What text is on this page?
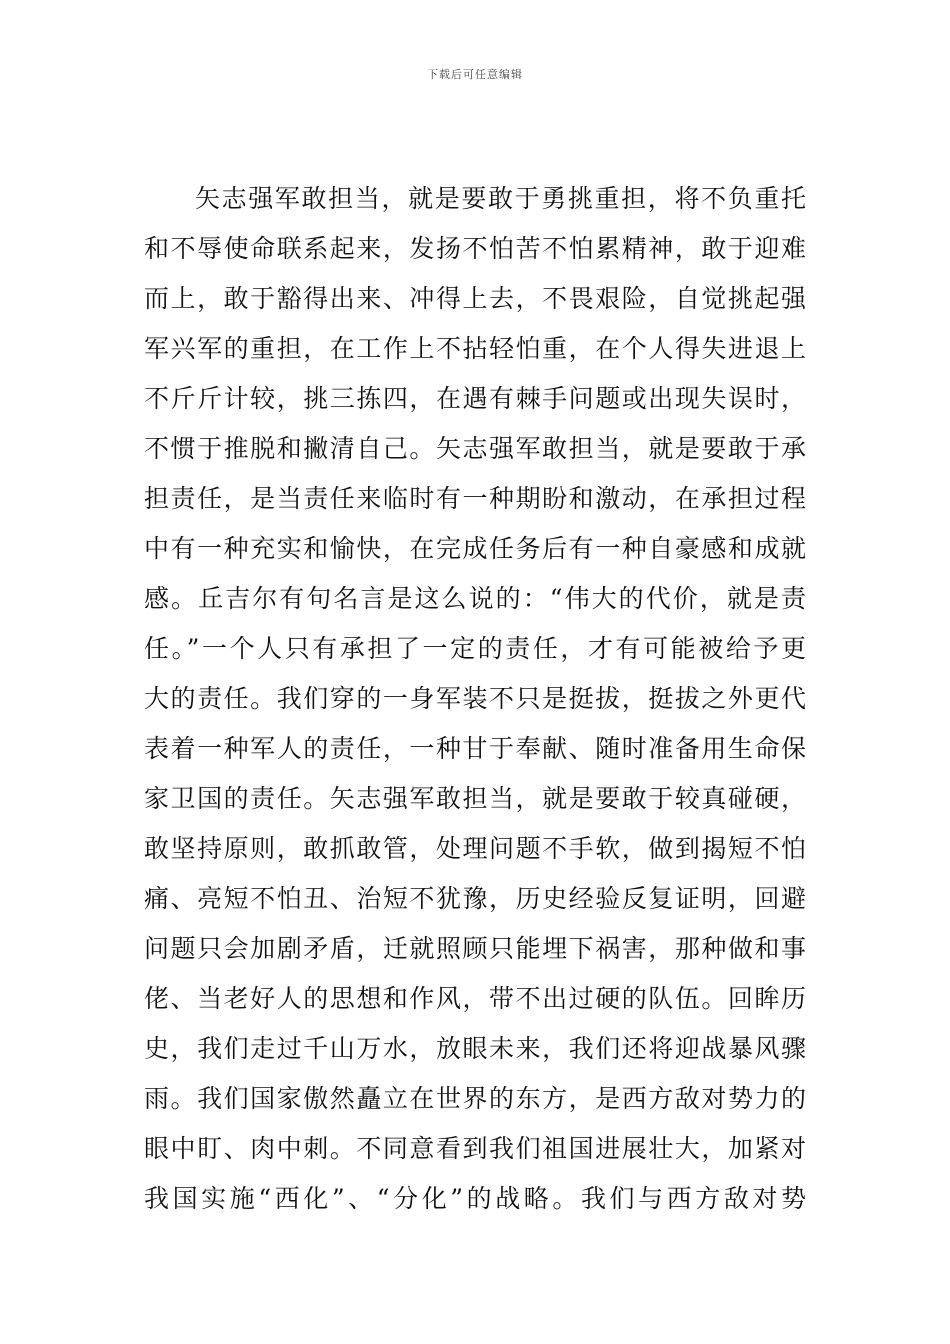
下载后可任意编辑
矢志强军敢担当，就是要敢于勇挑重担，将不负重托
和不辱使命联系起来，发扬不怕苦不怕累精神，敢于迎难
而上，敢于豁得出来、冲得上去，不畏艰险，自觉挑起强
军兴军的重担，在工作上不拈轻怕重，在个人得失进退上
不斤斤计较，挑三拣四，在遇有棘手问题或出现失误时，
不惯于推脱和撇清自己。矢志强军敢担当，就是要敢于承
担责任，是当责任来临时有一种期盼和激动，在承担过程
中有一种充实和愉快，在完成任务后有一种自豪感和成就
感。丘吉尔有句名言是这么说的：“伟大的代价，就是责
任。”一个人只有承担了一定的责任，才有可能被给予更
大的责任。我们穿的一身军装不只是挺拔，挺拔之外更代
表着一种军人的责任，一种甘于奉献、随时准备用生命保
家卫国的责任。矢志强军敢担当，就是要敢于较真碰硬，
敢坚持原则，敢抓敢管，处理问题不手软，做到揭短不怕
痛、亮短不怕丑、治短不犹豫，历史经验反复证明，回避
问题只会加剧矛盾，迁就照顾只能埋下祸害，那种做和事
佬、当老好人的思想和作风，带不出过硬的队伍。回眸历
史，我们走过千山万水，放眼未来，我们还将迎战暴风骤
雨。我们国家傲然矗立在世界的东方，是西方敌对势力的
眼中盯、肉中刺。不同意看到我们祖国进展壮大，加紧对
我国实施“西化”、“分化”的战略。我们与西方敌对势
